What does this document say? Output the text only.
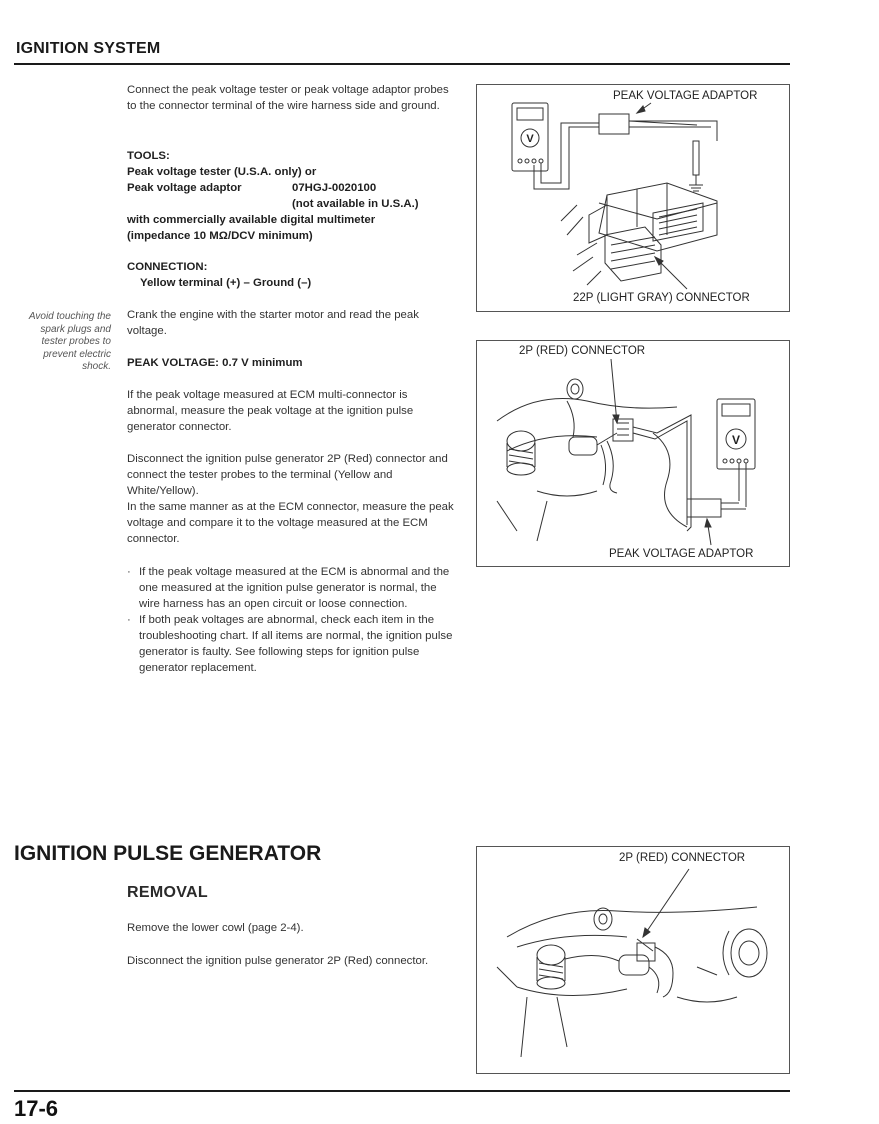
IGNITION SYSTEM
Connect the peak voltage tester or peak voltage adaptor probes to the connector terminal of the wire harness side and ground.
TOOLS:
Peak voltage tester (U.S.A. only) or
Peak voltage adaptor	07HGJ-0020100
(not available in U.S.A.)
with commercially available digital multimeter
(impedance 10 MΩ/DCV minimum)
CONNECTION:
Yellow terminal (+) – Ground (–)
Avoid touching the spark plugs and tester probes to prevent electric shock.
Crank the engine with the starter motor and read the peak voltage.
PEAK VOLTAGE: 0.7 V minimum
If the peak voltage measured at ECM multi-connector is abnormal, measure the peak voltage at the ignition pulse generator connector.
Disconnect the ignition pulse generator 2P (Red) connector and connect the tester probes to the terminal (Yellow and White/Yellow).
In the same manner as at the ECM connector, measure the peak voltage and compare it to the voltage measured at the ECM connector.
· If the peak voltage measured at the ECM is abnormal and the one measured at the ignition pulse generator is normal, the wire harness has an open circuit or loose connection.
· If both peak voltages are abnormal, check each item in the troubleshooting chart. If all items are normal, the ignition pulse generator is faulty. See following steps for ignition pulse generator replacement.
PEAK VOLTAGE ADAPTOR
22P (LIGHT GRAY) CONNECTOR
V
2P (RED) CONNECTOR
PEAK VOLTAGE ADAPTOR
V
IGNITION PULSE GENERATOR
REMOVAL
Remove the lower cowl (page 2-4).
Disconnect the ignition pulse generator 2P (Red) connector.
2P (RED) CONNECTOR
17-6
